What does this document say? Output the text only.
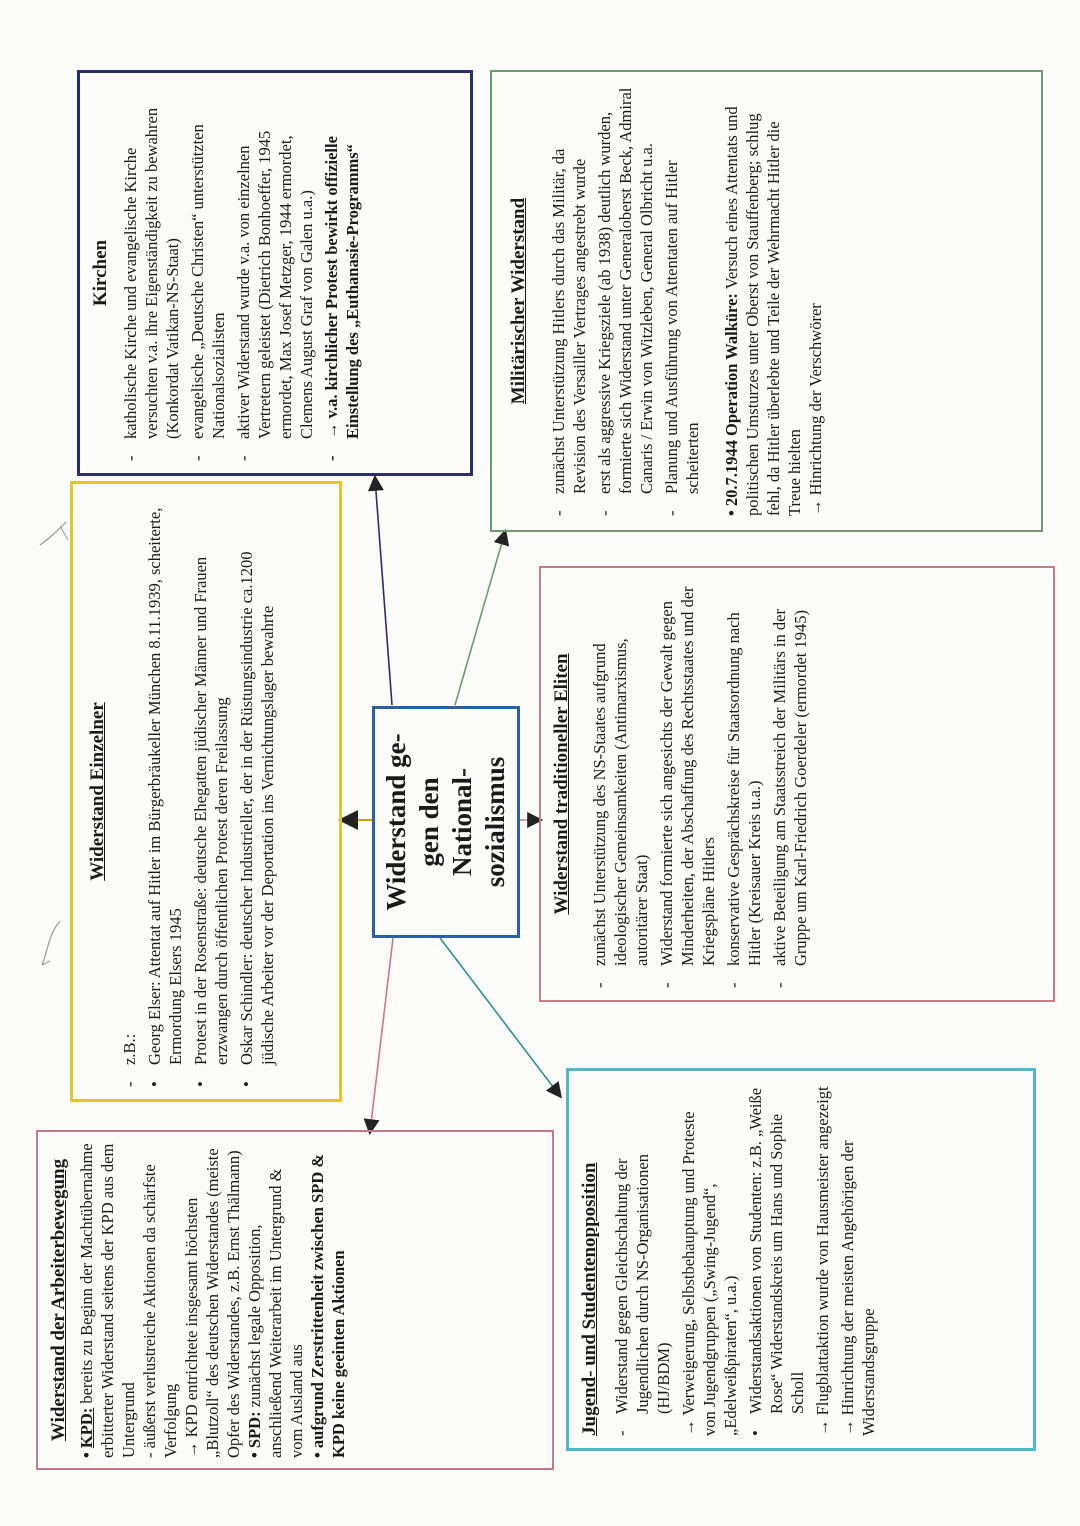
Widerstand ge- gen den National- sozialismus
Widerstand Einzelner
-
z.B.:
•
Georg Elser: Attentat auf Hitler im Bürgerbräukeller München 8.11.1939, scheiterte, Ermordung Elsers 1945
•
Protest in der Rosenstraße: deutsche Ehegatten jüdischer Männer und Frauen erzwangen durch öffentlichen Protest deren Freilassung
•
Oskar Schindler: deutscher Industrieller, der in der Rüstungsindustrie ca.1200 jüdische Arbeiter vor der Deportation ins Vernichtungslager bewahrte
Kirchen
-
katholische Kirche und evangelische Kirche versuchten v.a. ihre Eigenständigkeit zu bewahren (Konkordat Vatikan-NS-Staat)
-
evangelische „Deutsche Christen“ unterstützten Nationalsozialisten
-
aktiver Widerstand wurde v.a. von einzelnen Vertretern geleistet (Dietrich Bonhoeffer, 1945 ermordet, Max Josef Metzger, 1944 ermordet, Clemens August Graf von Galen u.a.)
-
→ v.a. kirchlicher Protest bewirkt offizielle Einstellung des „Euthanasie-Programms“	Militärischer Widerstand
-
zunächst Unterstützung Hitlers durch das Militär, da Revision des Versailler Vertrages angestrebt wurde
-
erst als aggressive Kriegsziele (ab 1938) deutlich wurden, formierte sich Widerstand unter Generaloberst Beck, Admiral Canaris / Erwin von Witzleben, General Olbricht u.a.
-
Planung und Ausführung von Attentaten auf Hitler scheiterten

• 20.7.1944 Operation Walküre: Versuch eines Attentats und politischen Umsturzes unter Oberst von Stauffenberg; schlug fehl, da Hitler überlebte und Teile der Wehrmacht Hitler die Treue hielten → Hinrichtung der Verschwörer

Widerstand traditioneller Eliten
-
zunächst Unterstützung des NS-Staates aufgrund ideologischer Gemeinsamkeiten (Antimarxismus, autoritärer Staat)
-
Widerstand formierte sich angesichts der Gewalt gegen Minderheiten, der Abschaffung des Rechtsstaates und der Kriegspläne Hitlers
-
konservative Gesprächskreise für Staatsordnung nach Hitler (Kreisauer Kreis u.a.)
-
aktive Beteiligung am Staatsstreich der Militärs in der Gruppe um Karl-Friedrich Goerdeler (ermordet 1945)
Jugend- und Studentenopposition -
Widerstand gegen Gleichschaltung der Jugendlichen durch NS-Organisationen (HJ/BDM) → Verweigerung, Selbstbehauptung und Proteste von Jugendgruppen („Swing-Jugend“, „Edelweißpiraten“, u.a.) •
Widerstandsaktionen von Studenten: z.B. „Weiße Rose“ Widerstandskreis um Hans und Sophie Scholl → Flugblattaktion wurde von Hausmeister angezeigt → Hinrichtung der meisten Angehörigen der Widerstandsgruppe
Widerstand der Arbeiterbewegung

• KPD: bereits zu Beginn der Machtübernahme erbitterter Widerstand seitens der KPD aus dem Untergrund - äußerst verlustreiche Aktionen da schärfste Verfolgung → KPD entrichtete insgesamt höchsten „Blutzoll“ des deutschen Widerstandes (meiste Opfer des Widerstandes, z.B. Ernst Thälmann) • SPD: zunächst legale Opposition, anschließend Weiterarbeit im Untergrund & vom Ausland aus • aufgrund Zerstrittenheit zwischen SPD & KPD keine geeinten Aktionen
